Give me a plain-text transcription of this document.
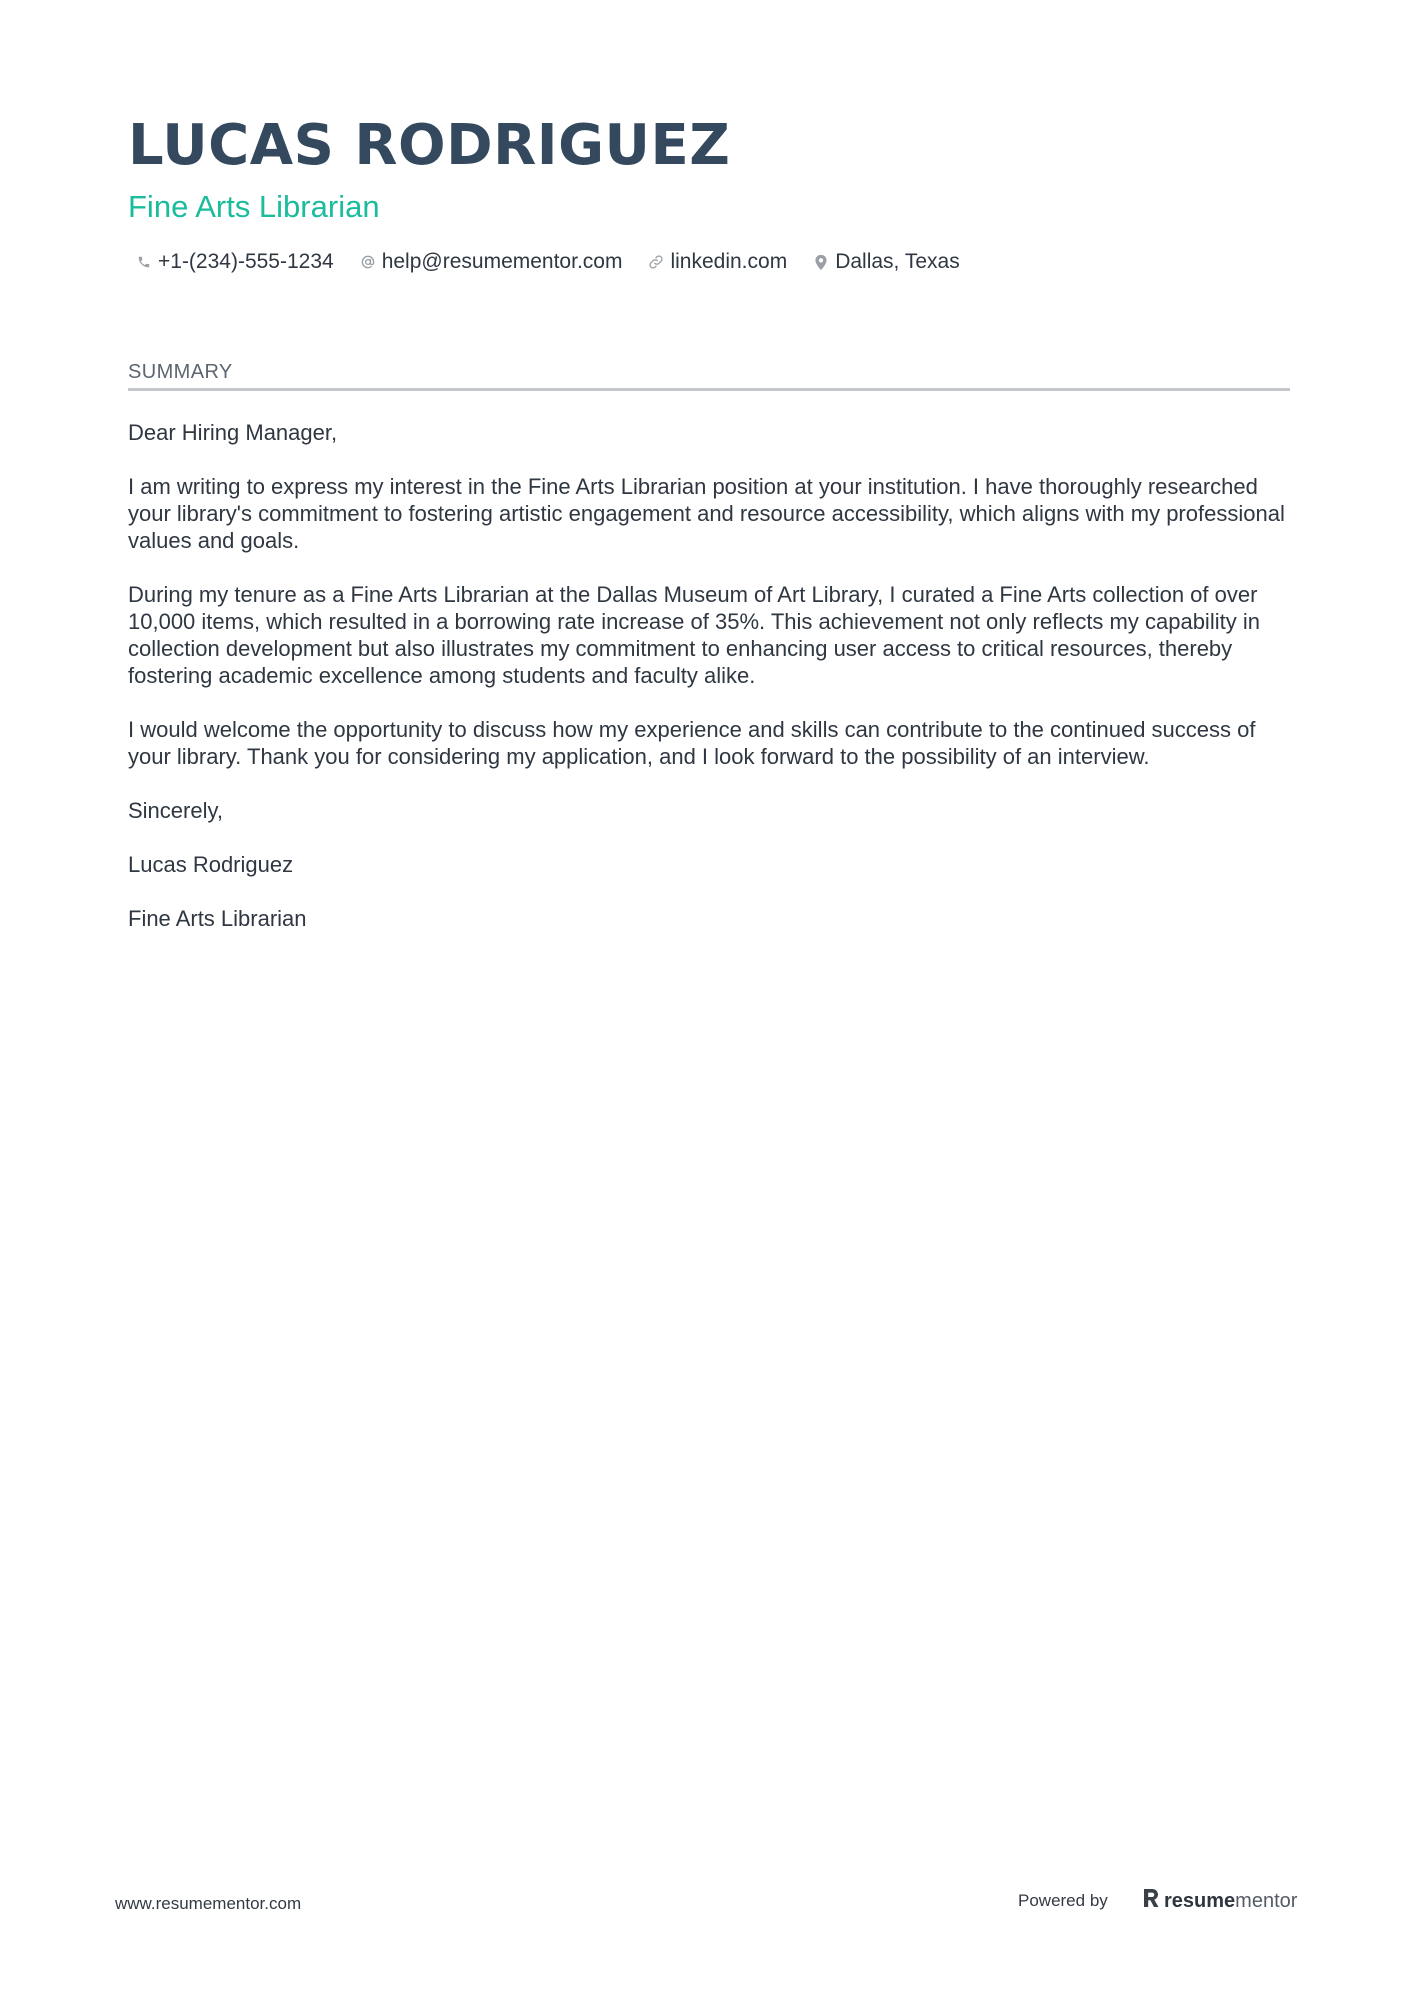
LUCAS RODRIGUEZ
Fine Arts Librarian
+1-(234)-555-1234 help@resumementor.com linkedin.com Dallas, Texas
SUMMARY

Dear Hiring Manager,

I am writing to express my interest in the Fine Arts Librarian position at your institution. I have thoroughly researched your library's commitment to fostering artistic engagement and resource accessibility, which aligns with my professional values and goals.

During my tenure as a Fine Arts Librarian at the Dallas Museum of Art Library, I curated a Fine Arts collection of over 10,000 items, which resulted in a borrowing rate increase of 35%. This achievement not only reflects my capability in collection development but also illustrates my commitment to enhancing user access to critical resources, thereby fostering academic excellence among students and faculty alike.

I would welcome the opportunity to discuss how my experience and skills can contribute to the continued success of your library. Thank you for considering my application, and I look forward to the possibility of an interview.

Sincerely,

Lucas Rodriguez

Fine Arts Librarian

www.resumementor.com	Powered by	resume mentor
